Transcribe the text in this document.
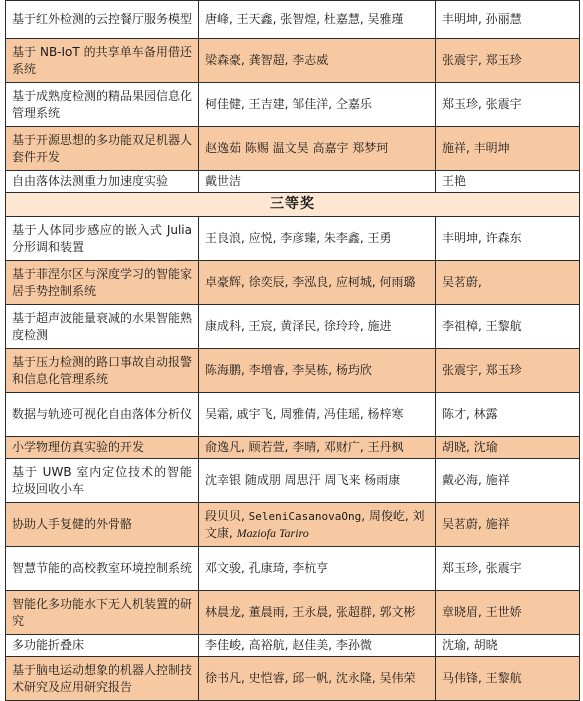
基于红外检测的云控餐厅服务模型	唐峰, 王天鑫, 张智煌, 杜嘉慧, 吴雅瑾	丰明坤, 孙丽慧
基于 NB-IoT 的共享单车备用借还系统	梁森豪, 龚智超, 李志威	张震宇, 郑玉珍
基于成熟度检测的精品果园信息化管理系统	柯佳健, 王吉建, 邹佳洋, 仝嘉乐	郑玉珍, 张震宇
基于开源思想的多功能双足机器人套件开发	赵逸茹 陈赐 温文昊 高嘉宇 郑梦珂	施祥, 丰明坤
自由落体法测重力加速度实验	戴世洁	王艳
三等奖		
基于人体同步感应的嵌入式 Julia 分形调和装置	王良浪, 应悦, 李彦臻, 朱李鑫, 王勇	丰明坤, 许森东
基于菲涅尔区与深度学习的智能家居手势控制系统	卓豪辉, 徐奕辰, 李泓良, 应柯城, 何雨璐	吴茗蔚,
基于超声波能量衰减的水果智能熟度检测	康成科, 王宸, 黄泽民, 徐玲玲, 施进	李祖樟, 王黎航
基于压力检测的路口事故自动报警和信息化管理系统	陈海鹏, 李增睿, 李昊栋, 杨玙欣	张震宇, 郑玉珍
数据与轨迹可视化自由落体分析仪	吴霜, 戚宇飞, 周雅倩, 冯佳瑶, 杨梓寒	陈才, 林露
小学物理仿真实验的开发	俞逸凡, 顾若萱, 李晴, 邓财广, 王丹枫	胡晓, 沈瑜
基于 UWB 室内定位技术的智能垃圾回收小车	沈幸银 随成朋 周思汗 周飞来 杨雨康	戴必海, 施祥
协助人手复健的外骨骼	段贝贝, SeleniCasanovaOng, 周俊屹, 刘文康, Maziofa Tariro	吴茗蔚, 施祥
智慧节能的高校教室环境控制系统	邓文骏, 孔康琦, 李杭亨	郑玉珍, 张震宇
智能化多功能水下无人机装置的研究	林晨龙, 董晨雨, 王永晨, 张超群, 郭文彬	章晓眉, 王世娇
多功能折叠床	李佳峻, 高裕航, 赵佳美, 李孙微	沈瑜, 胡晓
基于脑电运动想象的机器人控制技术研究及应用研究报告	徐书凡, 史恺睿, 邱一帆, 沈永隆, 吴伟荣	马伟锋, 王黎航
